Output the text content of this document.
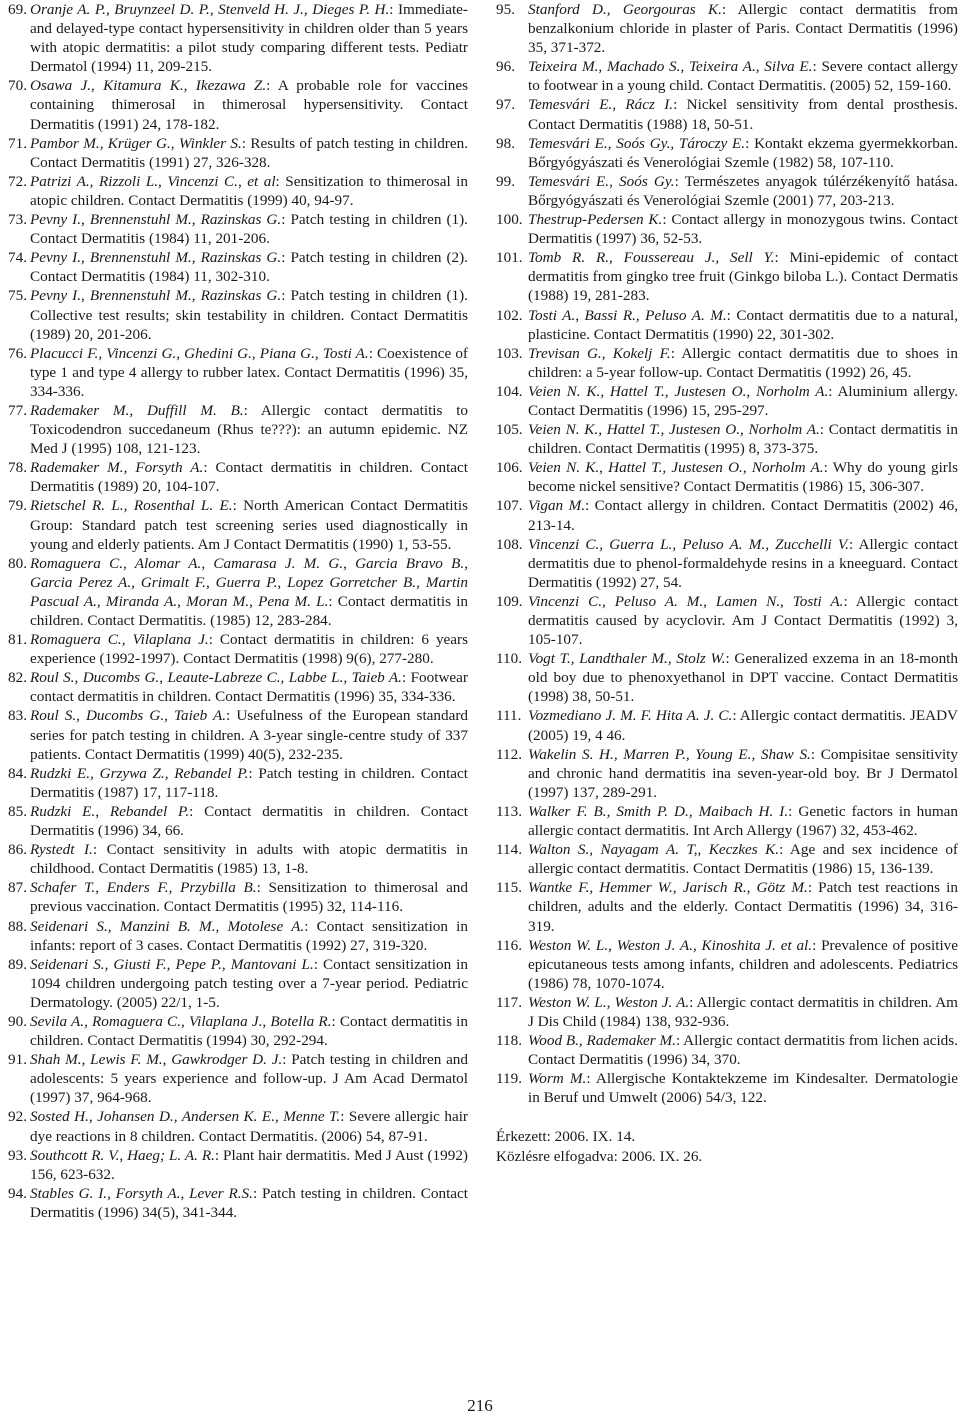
69. Oranje A. P., Bruynzeel D. P., Stenveld H. J., Dieges P. H.: Immediate- and delayed-type contact hypersensitivity in children older than 5 years with atopic dermatitis: a pilot study comparing different tests. Pediatr Dermatol (1994) 11, 209-215.
70. Osawa J., Kitamura K., Ikezawa Z.: A probable role for vaccines containing thimerosal in thimerosal hypersensitivity. Contact Dermatitis (1991) 24, 178-182.
71. Pambor M., Krüger G., Winkler S.: Results of patch testing in children. Contact Dermatitis (1991) 27, 326-328.
72. Patrizi A., Rizzoli L., Vincenzi C., et al: Sensitization to thimerosal in atopic children. Contact Dermatitis (1999) 40, 94-97.
73. Pevny I., Brennenstuhl M., Razinskas G.: Patch testing in children (1). Contact Dermatitis (1984) 11, 201-206.
74. Pevny I., Brennenstuhl M., Razinskas G.: Patch testing in children (2). Contact Dermatitis (1984) 11, 302-310.
75. Pevny I., Brennenstuhl M., Razinskas G.: Patch testing in children (1). Collective test results; skin testability in children. Contact Dermatitis (1989) 20, 201-206.
76. Placucci F., Vincenzi G., Ghedini G., Piana G., Tosti A.: Coexistence of type 1 and type 4 allergy to rubber latex. Contact Dermatitis (1996) 35, 334-336.
77. Rademaker M., Duffill M. B.: Allergic contact dermatitis to Toxicodendron succedaneum (Rhus te???): an autumn epidemic. NZ Med J (1995) 108, 121-123.
78. Rademaker M., Forsyth A.: Contact dermatitis in children. Contact Dermatitis (1989) 20, 104-107.
79. Rietschel R. L., Rosenthal L. E.: North American Contact Dermatitis Group: Standard patch test screening series used diagnostically in young and elderly patients. Am J Contact Dermatitis (1990) 1, 53-55.
80. Romaguera C., Alomar A., Camarasa J. M. G., Garcia Bravo B., Garcia Perez A., Grimalt F., Guerra P., Lopez Gorretcher B., Martin Pascual A., Miranda A., Moran M., Pena M. L.: Contact dermatitis in children. Contact Dermatitis. (1985) 12, 283-284.
81. Romaguera C., Vilaplana J.: Contact dermatitis in children: 6 years experience (1992-1997). Contact Dermatitis (1998) 9(6), 277-280.
82. Roul S., Ducombs G., Leaute-Labreze C., Labbe L., Taieb A.: Footwear contact dermatitis in children. Contact Dermatitis (1996) 35, 334-336.
83. Roul S., Ducombs G., Taieb A.: Usefulness of the European standard series for patch testing in children. A 3-year single-centre study of 337 patients. Contact Dermatitis (1999) 40(5), 232-235.
84. Rudzki E., Grzywa Z., Rebandel P.: Patch testing in children. Contact Dermatitis (1987) 17, 117-118.
85. Rudzki E., Rebandel P.: Contact dermatitis in children. Contact Dermatitis (1996) 34, 66.
86. Rystedt I.: Contact sensitivity in adults with atopic dermatitis in childhood. Contact Dermatitis (1985) 13, 1-8.
87. Schafer T., Enders F., Przybilla B.: Sensitization to thimerosal and previous vaccination. Contact Dermatitis (1995) 32, 114-116.
88. Seidenari S., Manzini B. M., Motolese A.: Contact sensitization in infants: report of 3 cases. Contact Dermatitis (1992) 27, 319-320.
89. Seidenari S., Giusti F., Pepe P., Mantovani L.: Contact sensitization in 1094 children undergoing patch testing over a 7-year period. Pediatric Dermatology. (2005) 22/1, 1-5.
90. Sevila A., Romaguera C., Vilaplana J., Botella R.: Contact dermatitis in children. Contact Dermatitis (1994) 30, 292-294.
91. Shah M., Lewis F. M., Gawkrodger D. J.: Patch testing in children and adolescents: 5 years experience and follow-up. J Am Acad Dermatol (1997) 37, 964-968.
92. Sosted H., Johansen D., Andersen K. E., Menne T.: Severe allergic hair dye reactions in 8 children. Contact Dermatitis. (2006) 54, 87-91.
93. Southcott R. V., Haeg; L. A. R.: Plant hair dermatitis. Med J Aust (1992) 156, 623-632.
94. Stables G. I., Forsyth A., Lever R.S.: Patch testing in children. Contact Dermatitis (1996) 34(5), 341-344.
95. Stanford D., Georgouras K.: Allergic contact dermatitis from benzalkonium chloride in plaster of Paris. Contact Dermatitis (1996) 35, 371-372.
96. Teixeira M., Machado S., Teixeira A., Silva E.: Severe contact allergy to footwear in a young child. Contact Dermatitis. (2005) 52, 159-160.
97. Temesvári E., Rácz I.: Nickel sensitivity from dental prosthesis. Contact Dermatitis (1988) 18, 50-51.
98. Temesvári E., Soós Gy., Tároczy E.: Kontakt ekzema gyermekkorban. Bőrgyógyászati és Venerológiai Szemle (1982) 58, 107-110.
99. Temesvári E., Soós Gy.: Természetes anyagok túlérzékenyítő hatása. Bőrgyógyászati és Venerológiai Szemle (2001) 77, 203-213.
100. Thestrup-Pedersen K.: Contact allergy in monozygous twins. Contact Dermatitis (1997) 36, 52-53.
101. Tomb R. R., Foussereau J., Sell Y.: Mini-epidemic of contact dermatitis from gingko tree fruit (Ginkgo biloba L.). Contact Dermatis (1988) 19, 281-283.
102. Tosti A., Bassi R., Peluso A. M.: Contact dermatitis due to a natural, plasticine. Contact Dermatitis (1990) 22, 301-302.
103. Trevisan G., Kokelj F.: Allergic contact dermatitis due to shoes in children: a 5-year follow-up. Contact Dermatitis (1992) 26, 45.
104. Veien N. K., Hattel T., Justesen O., Norholm A.: Aluminium allergy. Contact Dermatitis (1996) 15, 295-297.
105. Veien N. K., Hattel T., Justesen O., Norholm A.: Contact dermatitis in children. Contact Dermatitis (1995) 8, 373-375.
106. Veien N. K., Hattel T., Justesen O., Norholm A.: Why do young girls become nickel sensitive? Contact Dermatitis (1986) 15, 306-307.
107. Vigan M.: Contact allergy in children. Contact Dermatitis (2002) 46, 213-14.
108. Vincenzi C., Guerra L., Peluso A. M., Zucchelli V.: Allergic contact dermatitis due to phenol-formaldehyde resins in a kneeguard. Contact Dermatitis (1992) 27, 54.
109. Vincenzi C., Peluso A. M., Lamen N., Tosti A.: Allergic contact dermatitis caused by acyclovir. Am J Contact Dermatitis (1992) 3, 105-107.
110. Vogt T., Landthaler M., Stolz W.: Generalized exzema in an 18-month old boy due to phenoxyethanol in DPT vaccine. Contact Dermatitis (1998) 38, 50-51.
111. Vozmediano J. M. F. Hita A. J. C.: Allergic contact dermatitis. JEADV (2005) 19, 4 46.
112. Wakelin S. H., Marren P., Young E., Shaw S.: Compisitae sensitivity and chronic hand dermatitis ina seven-year-old boy. Br J Dermatol (1997) 137, 289-291.
113. Walker F. B., Smith P. D., Maibach H. I.: Genetic factors in human allergic contact dermatitis. Int Arch Allergy (1967) 32, 453-462.
114. Walton S., Nayagam A. T,, Keczkes K.: Age and sex incidence of allergic contact dermatitis. Contact Dermatitis (1986) 15, 136-139.
115. Wantke F., Hemmer W., Jarisch R., Götz M.: Patch test reactions in children, adults and the elderly. Contact Dermatitis (1996) 34, 316-319.
116. Weston W. L., Weston J. A., Kinoshita J. et al.: Prevalence of positive epicutaneous tests among infants, children and adolescents. Pediatrics (1986) 78, 1070-1074.
117. Weston W. L., Weston J. A.: Allergic contact dermatitis in children. Am J Dis Child (1984) 138, 932-936.
118. Wood B., Rademaker M.: Allergic contact dermatitis from lichen acids. Contact Dermatitis (1996) 34, 370.
119. Worm M.: Allergische Kontaktekzeme im Kindesalter. Dermatologie in Beruf und Umwelt (2006) 54/3, 122.
Érkezett: 2006. IX. 14.
Közlésre elfogadva: 2006. IX. 26.
216
